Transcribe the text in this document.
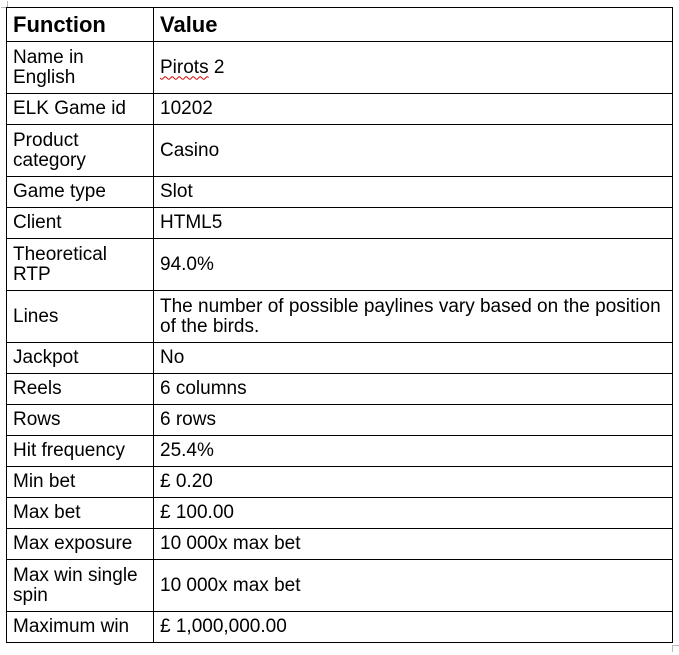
Function	Value
Name in English	Pirots 2
ELK Game id	10202
Product category	Casino
Game type	Slot
Client	HTML5
Theoretical RTP	94.0%
Lines	The number of possible paylines vary based on the position of the birds.
Jackpot	No
Reels	6 columns
Rows	6 rows
Hit frequency	25.4%
Min bet	£ 0.20
Max bet	£ 100.00
Max exposure	10 000x max bet
Max win single spin	10 000x max bet
Maximum win	£ 1,000,000.00
